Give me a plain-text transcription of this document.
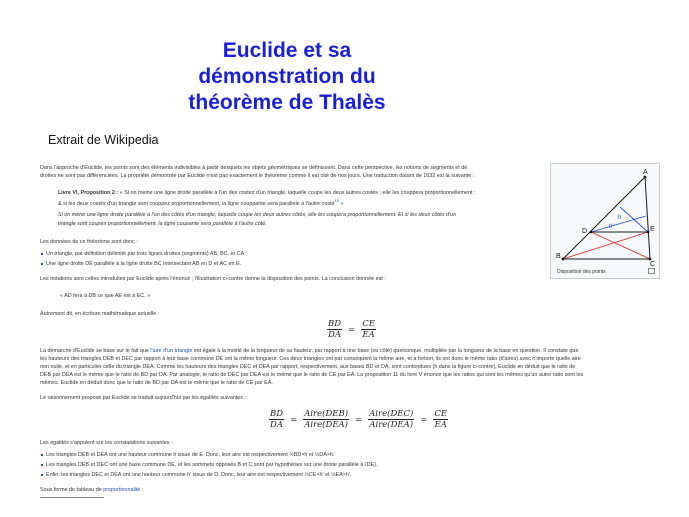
Euclide et sa
démonstration du
théorème de Thalès
Extrait de Wikipedia
Dans l'approche d'Euclide, les points sont des éléments indivisibles à partir desquels les objets géométriques se définissent. Dans cette perspective, les notions de segments et de
droites ne sont pas différenciées. La propriété démontrée par Euclide n'est pas exactement le théorème comme il est cité de nos jours. Une traduction datant de 1632 est la suivante :
Livre VI, Proposition 2 : « Si on meine une ligne droite parallèle à l'un des costez d'un triangle, laquelle coupe les deux autres costés ; elle les couppera proportionnellement :
& si les deux costés d'un triangle sont couppez proportionnellement, la ligne couppante sera parallele à l'autre costé$^{15}$ »
Si on mène une ligne droite parallèle à l'un des côtés d'un triangle, laquelle coupe les deux autres côtés, elle les coupera proportionnellement. Et si les deux côtés d'un
triangle sont coupés proportionnellement, la ligne coupante sera parallèle à l'autre côté.
Les données de ce théorème sont donc :
Un triangle, par définition délimité par trois lignes droites (segments) AB, BC, et CA ;
Une ligne droite DE parallèle à la ligne droite BC intersectant AB en D et AC en E.
Les notations sont celles introduites par Euclide après l'énoncé ; l'illustration ci-contre donne la disposition des points. La conclusion donnée est :
« AD fera à DB ce que AE est à EC. »
Autrement dit, en écriture mathématique actuelle :
$\frac{BD}{DA} = \frac{CE}{EA}$
La démarche d'Euclide se base sur le fait que l'aire d'un triangle est égale à la moitié de la longueur de sa hauteur, par rapport à une base (ou côté) quelconque, multipliée par la longueur de la base en question. Il constate que
les hauteurs des triangles DEB et DEC par rapport à leur base commune DE ont la même longueur. Ces deux triangles ont par conséquent la même aire, et a fortiori, ils ont donc le même ratio (d'aires) avec n'importe quelle aire
non nulle, et en particulier celle du triangle DEA. Comme les hauteurs des triangles DEC et DEA par rapport, respectivement, aux bases BD et DA, sont confondues (h dans la figure ci-contre), Euclide en déduit que le ratio de
DEB par DEA est le même que le ratio de BD par DA. Par analogie, le ratio de DEC par DEA est le même que le ratio de CE par EA. La proposition 11 du livre V énonce que les ratios qui sont les mêmes qu'un autre ratio sont les
mêmes. Euclide en déduit donc que le ratio de BD par DA est le même que le ratio de CE par EA.
Le raisonnement proposé par Euclide se traduit aujourd'hui par les égalités suivantes :
$\frac{BD}{DA} = \frac{\text{Aire(DEB)}}{\text{Aire(DEA)}} = \frac{\text{Aire(DEC)}}{\text{Aire(DEA)}} = \frac{CE}{EA}$
Les égalités s'appuient sur les constatations suivantes :
Les triangles DEB et DEA ont une hauteur commune h issue de E. Donc, leur aire est respectivement ½BD×h et ½DA×h.
Les triangles DEB et DEC ont une base commune DE, et les sommets opposés B et C sont par hypothèses sur une droite parallèle à (DE).
Enfin, les triangles DEC et DEA ont une hauteur commune h' issue de D. Donc, leur aire est respectivement ½CE×h' et ½EA×h'.
Sous forme de tableau de proportionnalité :
A
B
C
D	E
h
h'
Disposition des points
